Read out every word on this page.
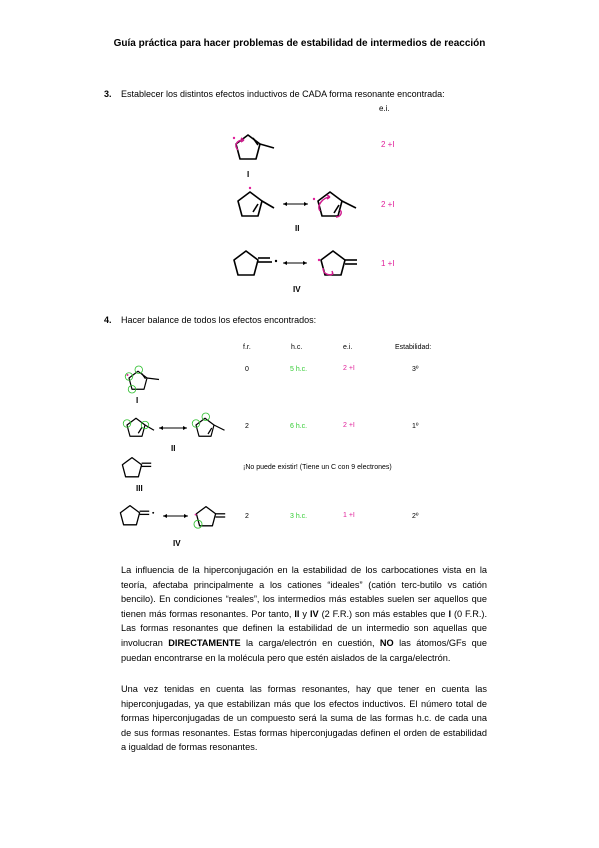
Guía práctica para hacer problemas de estabilidad de intermedios de reacción
3. Establecer los distintos efectos inductivos de CADA forma resonante encontrada:
e.i.
I
2 +I
II
2 +I
IV
1 +I
4. Hacer balance de todos los efectos encontrados:
f.r.	h.c.	e.i.	Estabilidad:
I
0	5 h.c.	2 +I	3º
II
2	6 h.c.	2 +I	1º
III
¡No puede existir! (Tiene un C con 9 electrones)
IV
2	3 h.c.	1 +I	2º
La influencia de la hiperconjugación en la estabilidad de los carbocationes vista en la teoría, afectaba principalmente a los cationes “ideales” (catión terc-butilo vs catión bencilo). En condiciones “reales”, los intermedios más estables suelen ser aquellos que tienen más formas resonantes. Por tanto, II y IV (2 F.R.) son más estables que I (0 F.R.). Las formas resonantes que definen la estabilidad de un intermedio son aquellas que involucran DIRECTAMENTE la carga/electrón en cuestión, NO las átomos/GFs que puedan encontrarse en la molécula pero que estén aislados de la carga/electrón.
Una vez tenidas en cuenta las formas resonantes, hay que tener en cuenta las hiperconjugadas, ya que estabilizan más que los efectos inductivos. El número total de formas hiperconjugadas de un compuesto será la suma de las formas h.c. de cada una de sus formas resonantes. Estas formas hiperconjugadas definen el orden de estabilidad a igualdad de formas resonantes.
